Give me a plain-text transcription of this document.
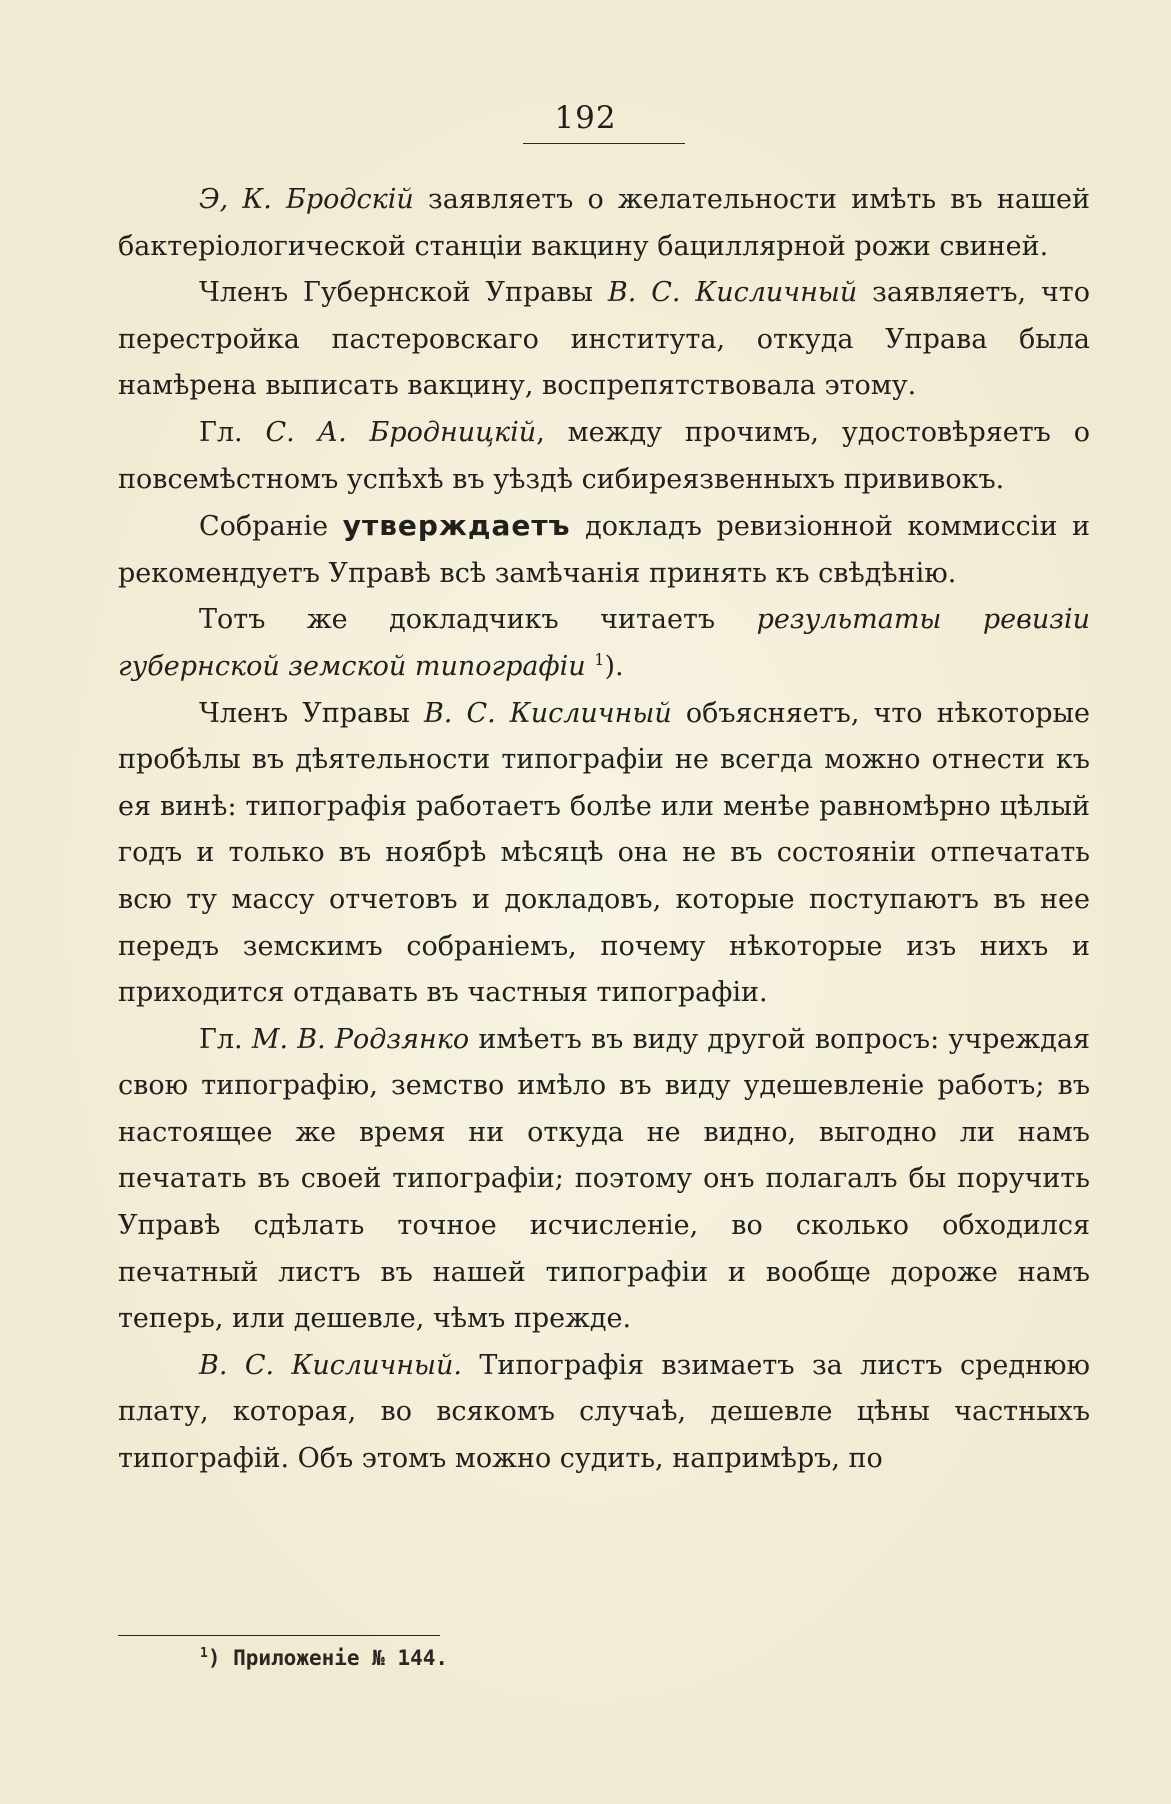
192

Э, К. Бродскій заявляетъ о желательности имѣть въ нашей бактеріологической станціи вакцину бациллярной рожи свиней.

Членъ Губернской Управы В. С. Кисличный заявляетъ, что перестройка пастеровскаго института, откуда Управа была намѣрена выписать вакцину, воспрепятствовала этому.

Гл. С. А. Бродницкій, между прочимъ, удостовѣряетъ о повсемѣстномъ успѣхѣ въ уѣздѣ сибиреязвенныхъ прививокъ.

Собраніе утверждаетъ докладъ ревизіонной коммиссіи и рекомендуетъ Управѣ всѣ замѣчанія принять къ свѣдѣнію.

Тотъ же докладчикъ читаетъ результаты ревизіи губернской земской типографіи $^1$).

Членъ Управы В. С. Кисличный объясняетъ, что нѣкоторые пробѣлы въ дѣятельности типографіи не всегда можно отнести къ ея винѣ: типографія работаетъ болѣе или менѣе равномѣрно цѣлый годъ и только въ ноябрѣ мѣсяцѣ она не въ состояніи отпечатать всю ту массу отчетовъ и докладовъ, которые поступаютъ въ нее передъ земскимъ собраніемъ, почему нѣкоторые изъ нихъ и приходится отдавать въ частныя типографіи.

Гл. М. В. Родзянко имѣетъ въ виду другой вопросъ: учреждая свою типографію, земство имѣло въ виду удешевленіе работъ; въ настоящее же время ни откуда не видно, выгодно ли намъ печатать въ своей типографіи; поэтому онъ полагалъ бы поручить Управѣ сдѣлать точное исчисленіе, во сколько обходился печатный листъ въ нашей типографіи и вообще дороже намъ теперь, или дешевле, чѣмъ прежде.

В. С. Кисличный. Типографія взимаетъ за листъ среднюю плату, которая, во всякомъ случаѣ, дешевле цѣны частныхъ типографій. Объ этомъ можно судить, напримѣръ, по

$^1$) Приложеніе № 144.
